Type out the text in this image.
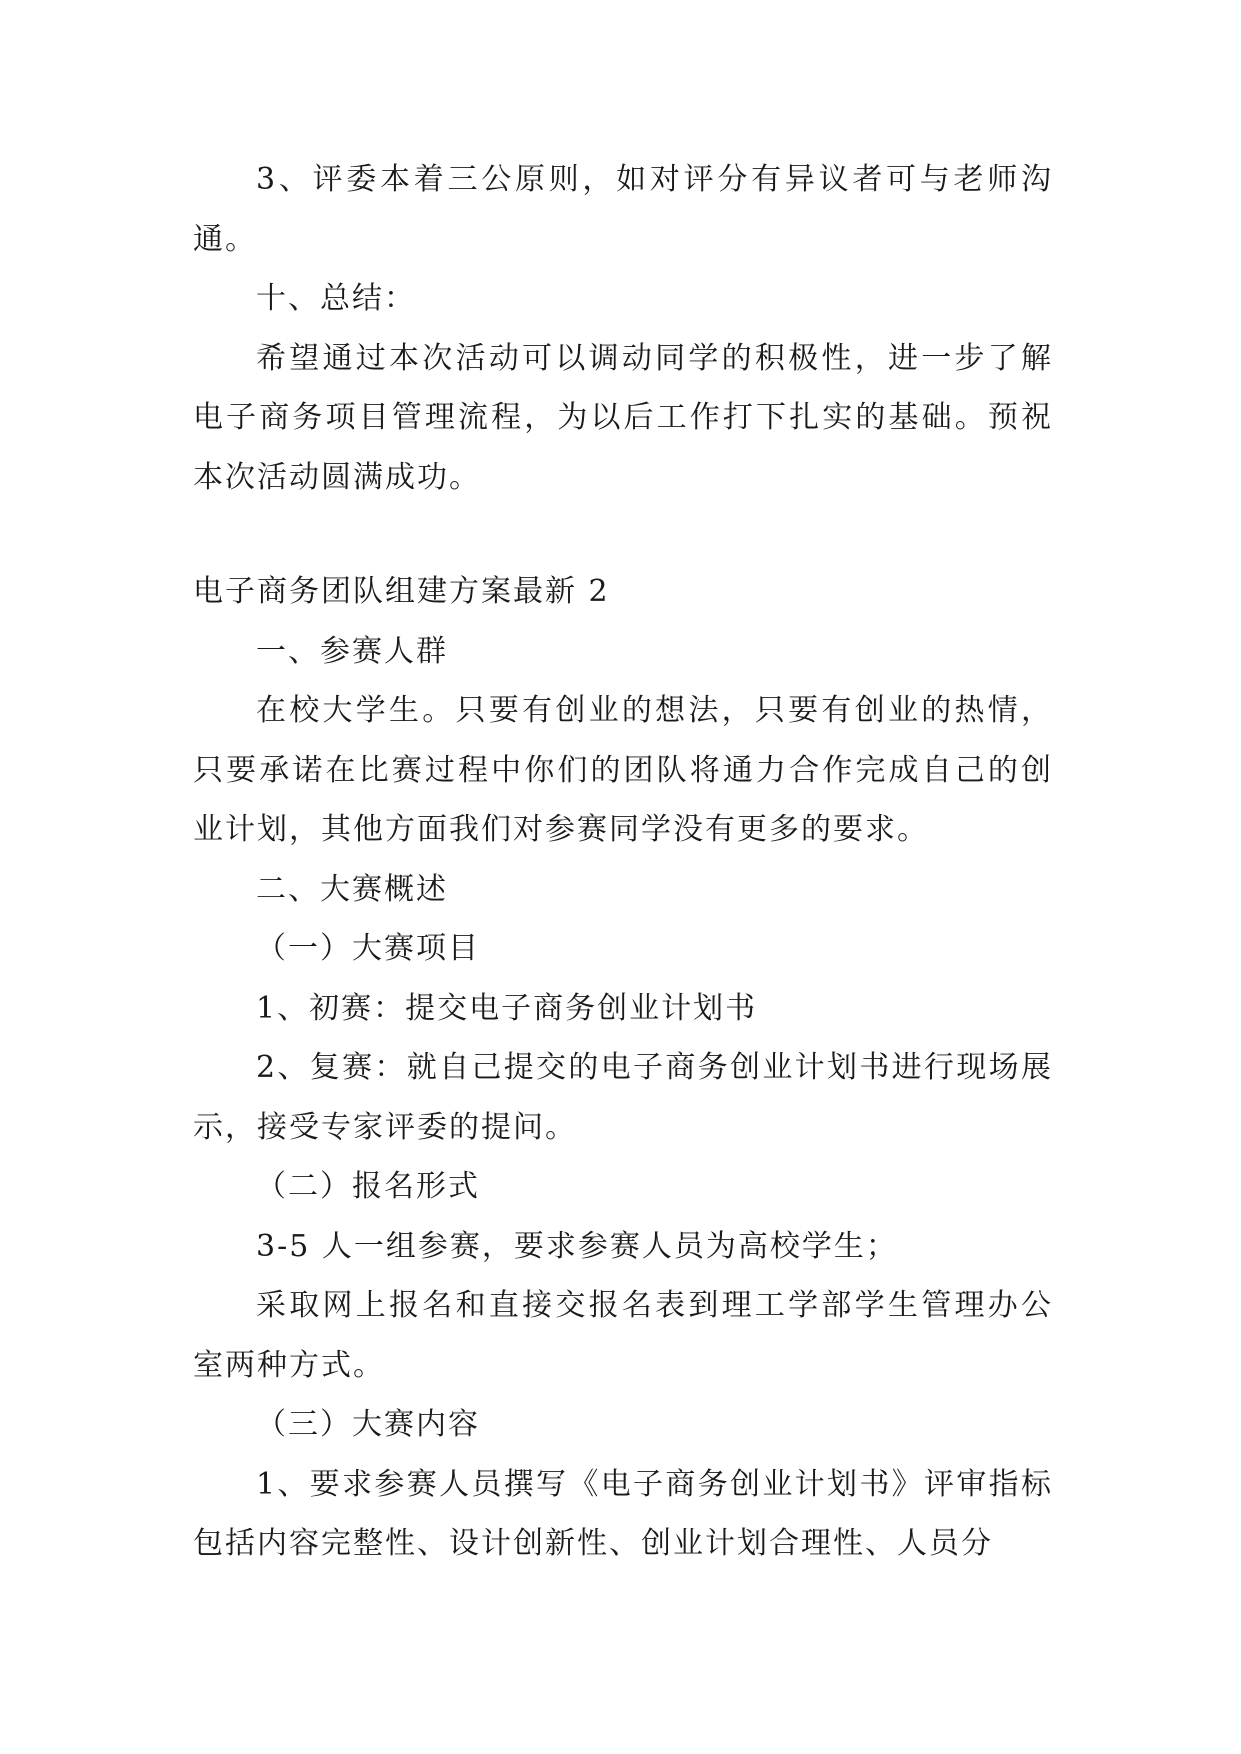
3、评委本着三公原则，如对评分有异议者可与老师沟通。

十、总结：

希望通过本次活动可以调动同学的积极性，进一步了解电子商务项目管理流程，为以后工作打下扎实的基础。预祝本次活动圆满成功。

电子商务团队组建方案最新 2

一、参赛人群

在校大学生。只要有创业的想法，只要有创业的热情，只要承诺在比赛过程中你们的团队将通力合作完成自己的创业计划，其他方面我们对参赛同学没有更多的要求。

二、大赛概述

（一）大赛项目

1、初赛：提交电子商务创业计划书

2、复赛：就自己提交的电子商务创业计划书进行现场展示，接受专家评委的提问。

（二）报名形式

3-5 人一组参赛，要求参赛人员为高校学生；

采取网上报名和直接交报名表到理工学部学生管理办公室两种方式。

（三）大赛内容

1、要求参赛人员撰写《电子商务创业计划书》评审指标包括内容完整性、设计创新性、创业计划合理性、人员分
